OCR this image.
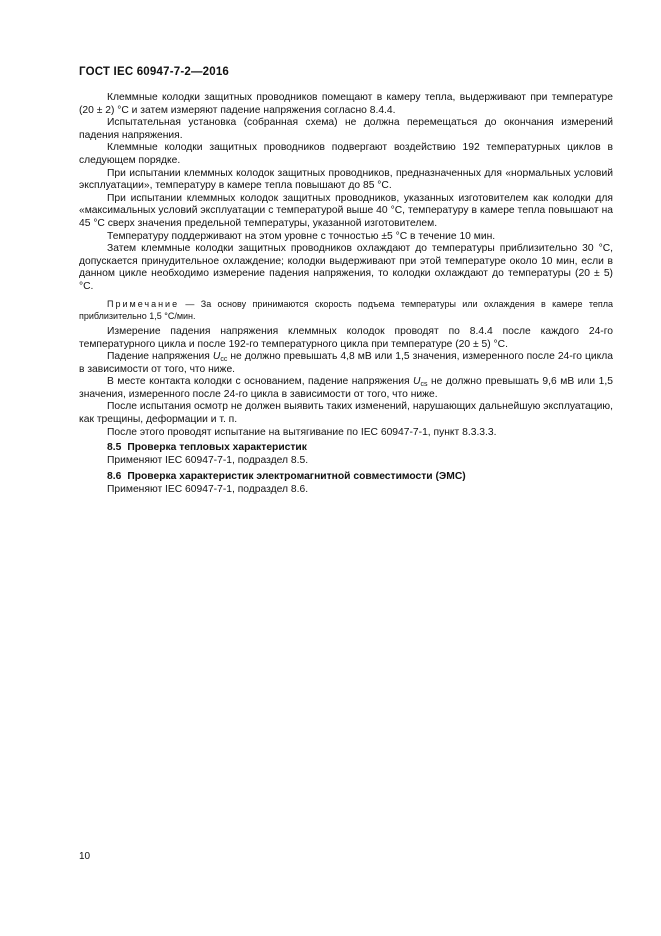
ГОСТ IEC 60947-7-2—2016

Клеммные колодки защитных проводников помещают в камеру тепла, выдерживают при температуре (20 ± 2) °С и затем измеряют падение напряжения согласно 8.4.4.

Испытательная установка (собранная схема) не должна перемещаться до окончания измерений падения напряжения.

Клеммные колодки защитных проводников подвергают воздействию 192 температурных циклов в следующем порядке.

При испытании клеммных колодок защитных проводников, предназначенных для «нормальных условий эксплуатации», температуру в камере тепла повышают до 85 °С.

При испытании клеммных колодок защитных проводников, указанных изготовителем как колодки для «максимальных условий эксплуатации с температурой выше 40 °С, температуру в камере тепла повышают на 45 °С сверх значения предельной температуры, указанной изготовителем.

Температуру поддерживают на этом уровне с точностью ±5 °С в течение 10 мин.

Затем клеммные колодки защитных проводников охлаждают до температуры приблизительно 30 °С, допускается принудительное охлаждение; колодки выдерживают при этой температуре около 10 мин, если в данном цикле необходимо измерение падения напряжения, то колодки охлаждают до температуры (20 ± 5) °С.

Примечание — За основу принимаются скорость подъема температуры или охлаждения в камере тепла приблизительно 1,5 °С/мин.

Измерение падения напряжения клеммных колодок проводят по 8.4.4 после каждого 24-го температурного цикла и после 192-го температурного цикла при температуре (20 ± 5) °С.

Падение напряжения $U_{cc}$ не должно превышать 4,8 мВ или 1,5 значения, измеренного после 24-го цикла в зависимости от того, что ниже.

В месте контакта колодки с основанием, падение напряжения $U_{cs}$ не должно превышать 9,6 мВ или 1,5 значения, измеренного после 24-го цикла в зависимости от того, что ниже.

После испытания осмотр не должен выявить таких изменений, нарушающих дальнейшую эксплуатацию, как трещины, деформации и т. п.

После этого проводят испытание на вытягивание по IEC 60947-7-1, пункт 8.3.3.3.

8.5 Проверка тепловых характеристик

Применяют IEC 60947-7-1, подраздел 8.5.

8.6 Проверка характеристик электромагнитной совместимости (ЭМС)

Применяют IEC 60947-7-1, подраздел 8.6.

10
